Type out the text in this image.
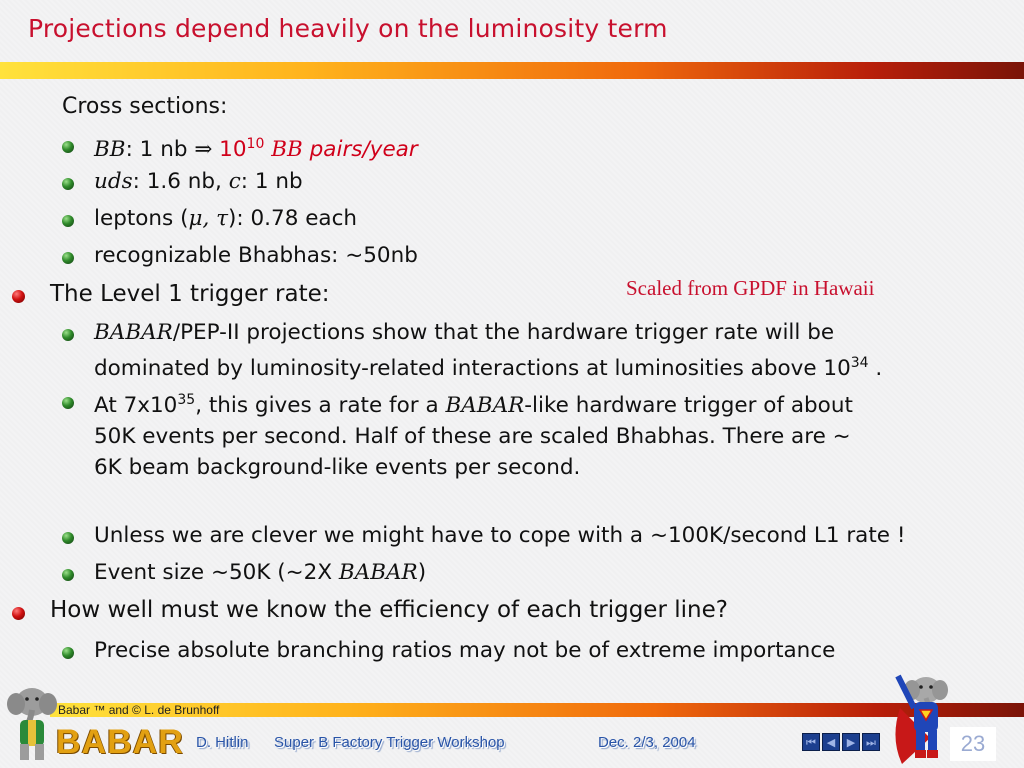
Projections depend heavily on the luminosity term
Cross sections:
BB: 1 nb ⇒ $10^{10}$ BB pairs/year
uds: 1.6 nb, c: 1 nb
leptons (μ, τ): 0.78 each
recognizable Bhabhas: ~50nb
Scaled from GPDF in Hawaii
The Level 1 trigger rate:
BABAR/PEP-II projections show that the hardware trigger rate will be
dominated by luminosity-related interactions at luminosities above $10^{34}$ .
At $7x10^{35}$, this gives a rate for a BABAR-like hardware trigger of about
50K events per second. Half of these are scaled Bhabhas. There are ~
6K beam background-like events per second.
Unless we are clever we might have to cope with a ~100K/second L1 rate !
Event size ~50K (~2X BABAR)
How well must we know the efficiency of each trigger line?
Precise absolute branching ratios may not be of extreme importance
Babar ™ and © L. de Brunhoff
BABAR D. Hitlin Super B Factory Trigger Workshop	Dec. 2/3, 2004	⏮ ◀	▶ ⏭	23
